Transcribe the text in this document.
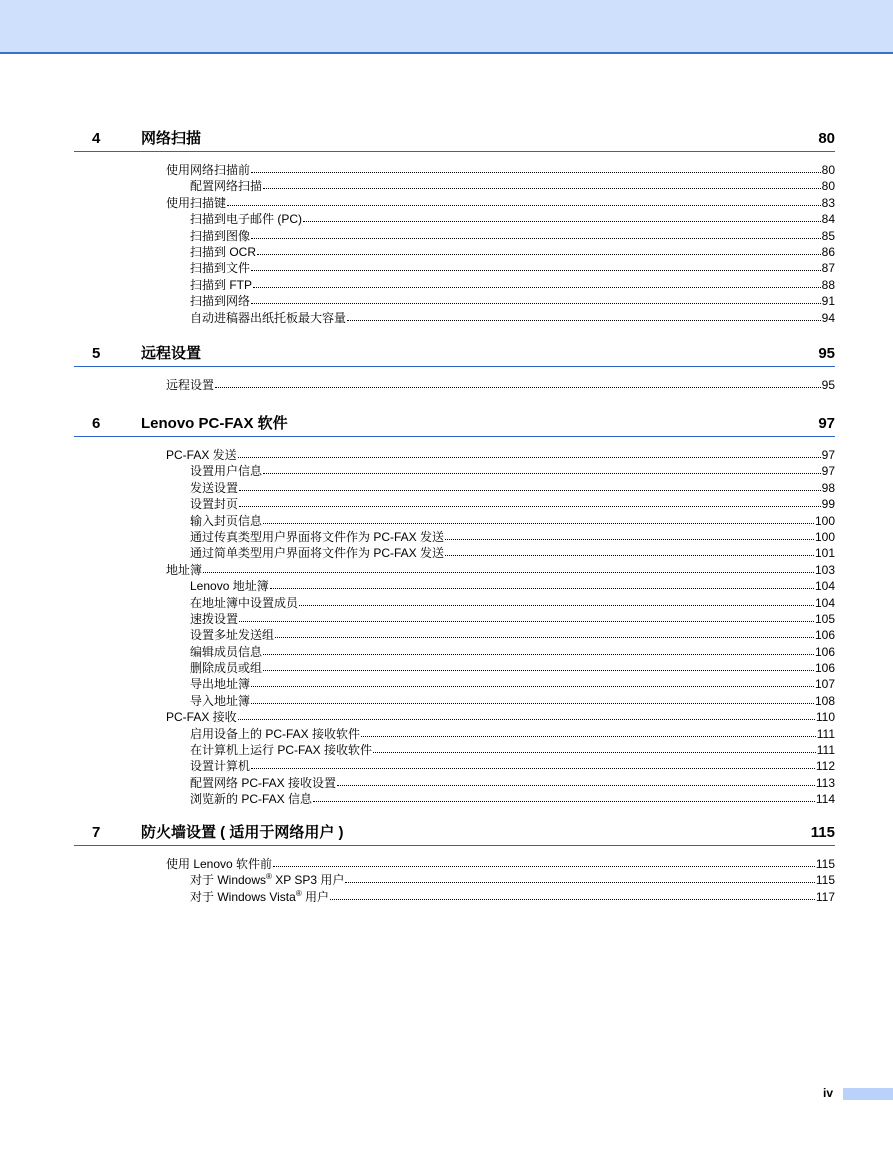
4	网络扫描	80
使用网络扫描前	80
配置网络扫描	80
使用扫描键	83
扫描到电子邮件 (PC)	84
扫描到图像	85
扫描到 OCR	86
扫描到文件	87
扫描到 FTP	88
扫描到网络	91
自动进稿器出纸托板最大容量	94
5	远程设置	95
远程设置	95
6	Lenovo PC-FAX 软件	97
PC-FAX 发送	97
设置用户信息	97
发送设置	98
设置封页	99
输入封页信息	100
通过传真类型用户界面将文件作为 PC-FAX 发送	100
通过简单类型用户界面将文件作为 PC-FAX 发送	101
地址簿	103
Lenovo 地址簿	104
在地址簿中设置成员	104
速拨设置	105
设置多址发送组	106
编辑成员信息	106
删除成员或组	106
导出地址簿	107
导入地址簿	108
PC-FAX 接收	110
启用设备上的 PC-FAX 接收软件	111
在计算机上运行 PC-FAX 接收软件	111
设置计算机	112
配置网络 PC-FAX 接收设置	113
浏览新的 PC-FAX 信息	114
7	防火墙设置 ( 适用于网络用户 )	115
使用 Lenovo 软件前	115
对于 Windows® XP SP3 用户	115
对于 Windows Vista® 用户	117
iv
